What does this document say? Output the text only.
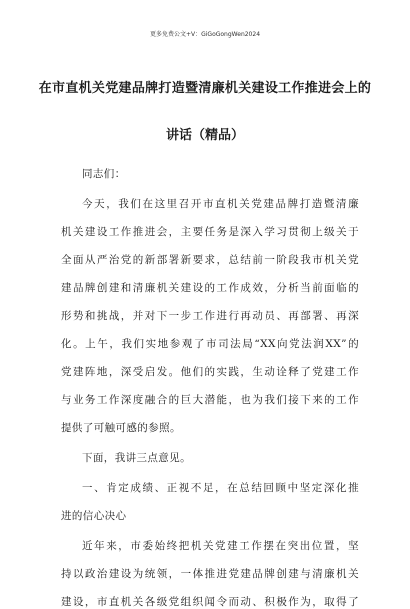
更多免费公文+V：GiGoGongWen2024
在市直机关党建品牌打造暨清廉机关建设工作推进会上的
讲话（精品）
同志们：
今天，我们在这里召开市直机关党建品牌打造暨清廉
机关建设工作推进会，主要任务是深入学习贯彻上级关于
全面从严治党的新部署新要求，总结前一阶段我市机关党
建品牌创建和清廉机关建设的工作成效，分析当前面临的
形势和挑战，并对下一步工作进行再动员、再部署、再深
化。上午，我们实地参观了市司法局“XX向党法润XX”的
党建阵地，深受启发。他们的实践，生动诠释了党建工作
与业务工作深度融合的巨大潜能，也为我们接下来的工作
提供了可触可感的参照。
下面，我讲三点意见。
一、肯定成绩、正视不足，在总结回顾中坚定深化推
进的信心决心
近年来，市委始终把机关党建工作摆在突出位置，坚
持以政治建设为统领，一体推进党建品牌创建与清廉机关
建设，市直机关各级党组织闻令而动、积极作为，取得了
